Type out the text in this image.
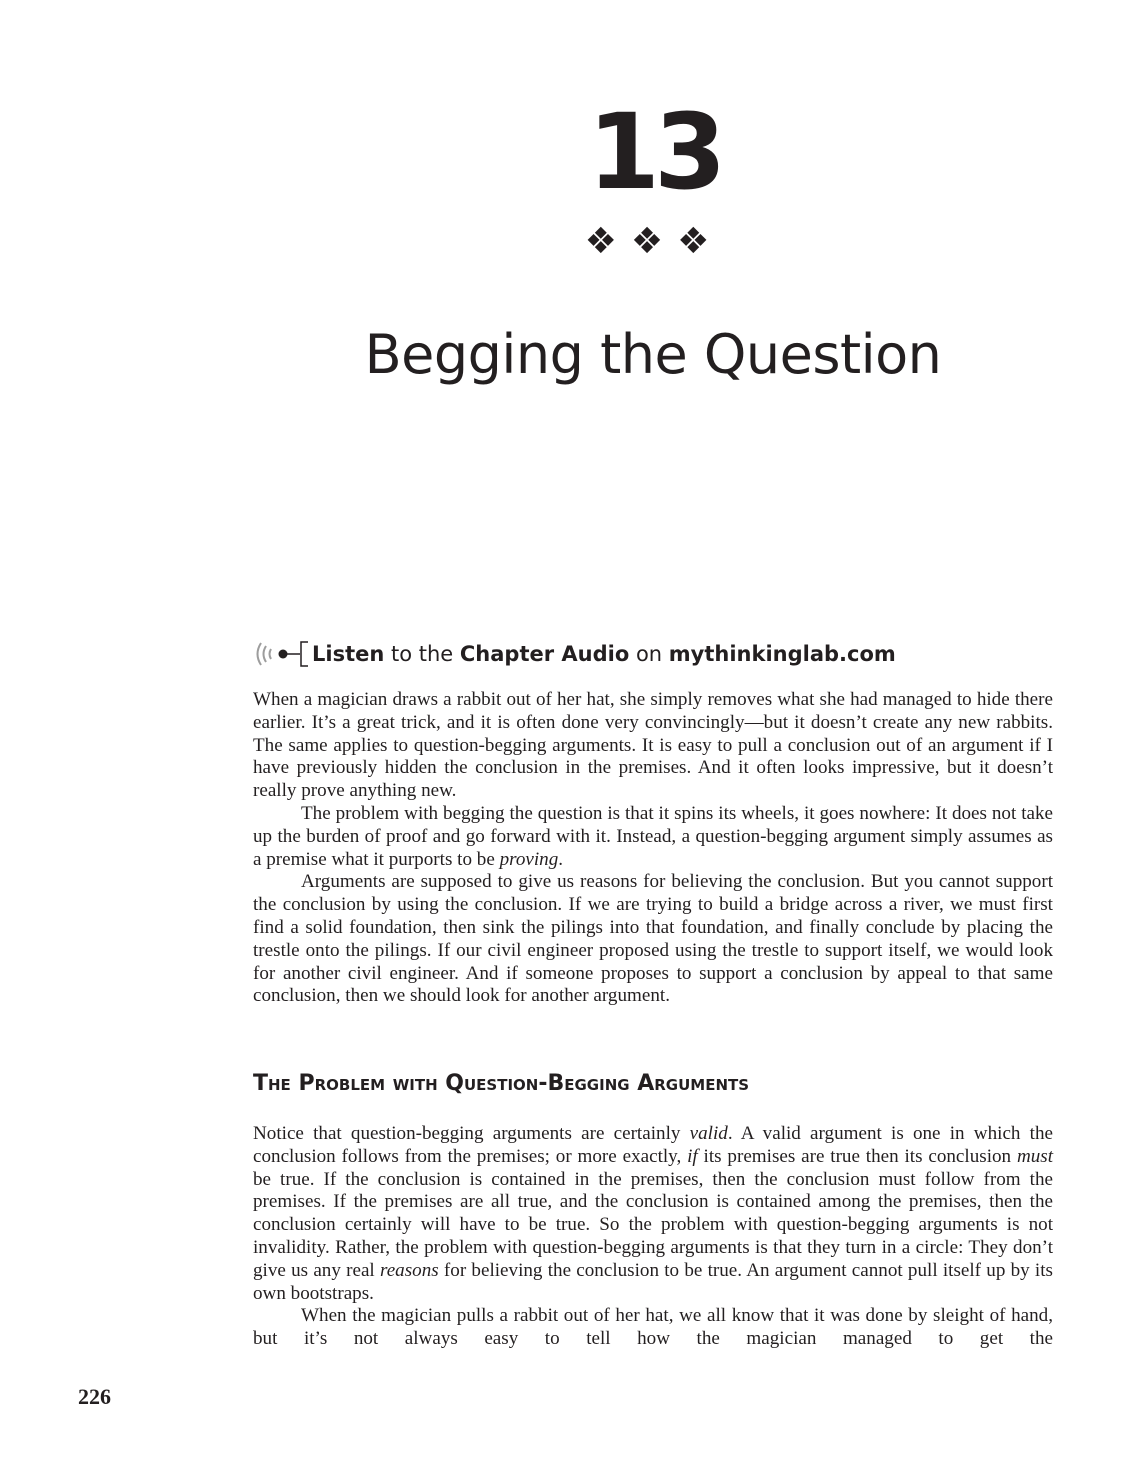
13
❖❖❖
Begging the Question
Listen to the Chapter Audio on mythinkinglab.com

When a magician draws a rabbit out of her hat, she simply removes what she had managed to hide there earlier. It’s a great trick, and it is often done very convincingly—but it doesn’t create any new rabbits. The same applies to question-begging arguments. It is easy to pull a conclusion out of an argument if I have previously hidden the conclusion in the premises. And it often looks impressive, but it doesn’t really prove anything new.

The problem with begging the question is that it spins its wheels, it goes nowhere: It does not take up the burden of proof and go forward with it. Instead, a question-begging argument simply assumes as a premise what it purports to be proving.

Arguments are supposed to give us reasons for believing the conclusion. But you cannot support the conclusion by using the conclusion. If we are trying to build a bridge across a river, we must first find a solid foundation, then sink the pilings into that foundation, and finally conclude by placing the trestle onto the pilings. If our civil engineer proposed using the trestle to support itself, we would look for another civil engineer. And if someone proposes to support a conclusion by appeal to that same conclusion, then we should look for another argument.

The Problem with Question-Begging Arguments

Notice that question-begging arguments are certainly valid. A valid argument is one in which the conclusion follows from the premises; or more exactly, if its premises are true then its conclusion must be true. If the conclusion is contained in the premises, then the conclusion must follow from the premises. If the premises are all true, and the conclusion is contained among the premises, then the conclusion certainly will have to be true. So the problem with question-begging arguments is not invalidity. Rather, the problem with question-begging arguments is that they turn in a circle: They don’t give us any real reasons for believing the conclusion to be true. An argument cannot pull itself up by its own bootstraps.

When the magician pulls a rabbit out of her hat, we all know that it was done by sleight of hand, but it’s not always easy to tell how the magician managed to get the

226
